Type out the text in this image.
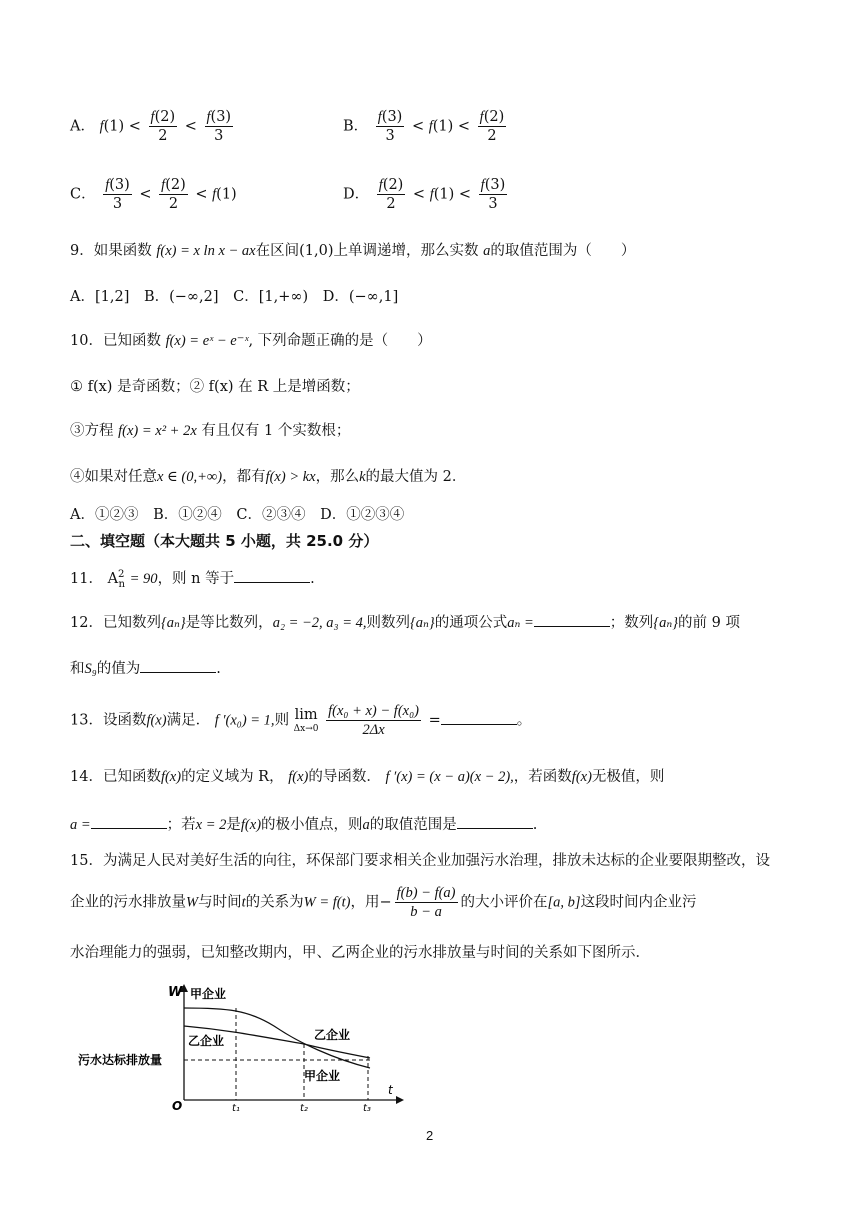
A． $f(1) < \frac{f(2)}{2} < \frac{f(3)}{3}$	B． $\frac{f(3)}{3} < f(1) < \frac{f(2)}{2}$
C． $\frac{f(3)}{3} < \frac{f(2)}{2} < f(1)$	D． $\frac{f(2)}{2} < f(1) < \frac{f(3)}{3}$
9．如果函数 f(x) = x ln x − ax在区间(1,0)上单调递增，那么实数 a的取值范围为（　　）
A．[1,2] B．(−∞,2] C．[1,+∞) D．(−∞,1]
10．已知函数 f(x) = eˣ − e⁻ˣ, 下列命题正确的是（　　）
① f(x) 是奇函数；② f(x) 在 R 上是增函数；
③方程 f(x) = x² + 2x 有且仅有 1 个实数根；
④如果对任意x ∈ (0,+∞)，都有f(x) > kx，那么k的最大值为 2．
A．①②③ B．①②④ C．②③④ D．①②③④
二、填空题（本大题共 5 小题，共 25.0 分）
11． $A^2_n = 90$，则 n 等于	.
12．已知数列{aₙ}是等比数列，a₂ = −2, a₃ = 4,则数列{aₙ}的通项公式aₙ =	；数列{aₙ}的前 9 项
和S₉的值为	.
13．设函数f(x)满足． f ′(x₀) = 1,则 lim
Δx→0
$\frac{\text{f(x₀ + x) − f(x₀)}}{2\Delta x}$ =	。
14．已知函数f(x)的定义域为 R， f(x)的导函数． f ′(x) = (x − a)(x − 2),，若函数f(x)无极值，则
a =	；若x = 2是f(x)的极小值点，则a的取值范围是	.
15．为满足人民对美好生活的向往，环保部门要求相关企业加强污水治理，排放未达标的企业要限期整改，设
企业的污水排放量W与时间t的关系为W = f(t)，用− $\frac{f(b) - f(a)}{b - a}$ 的大小评价在[a, b]这段时间内企业污
水治理能力的强弱，已知整改期内，甲、乙两企业的污水排放量与时间的关系如下图所示．
W 甲企业
乙企业	乙企业
甲企业
污水达标排放量
O	t₁	t₂	t₃
t
2
